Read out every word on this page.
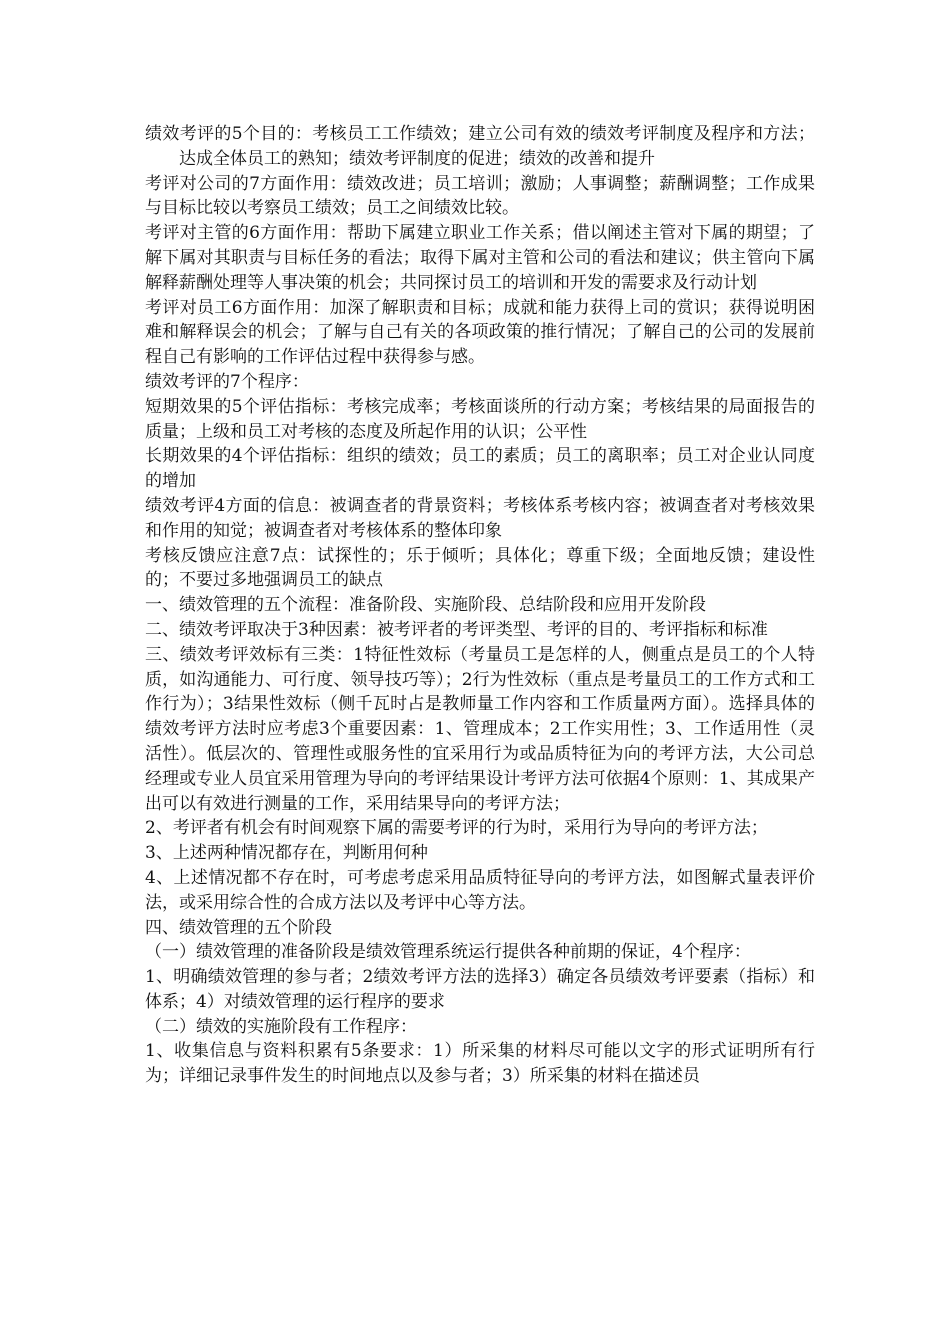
绩效考评的5个目的：考核员工工作绩效；建立公司有效的绩效考评制度及程序和方法；达成全体员工的熟知；绩效考评制度的促进；绩效的改善和提升

考评对公司的7方面作用：绩效改进；员工培训；激励；人事调整；薪酬调整；工作成果与目标比较以考察员工绩效；员工之间绩效比较。

考评对主管的6方面作用：帮助下属建立职业工作关系；借以阐述主管对下属的期望；了解下属对其职责与目标任务的看法；取得下属对主管和公司的看法和建议；供主管向下属解释薪酬处理等人事决策的机会；共同探讨员工的培训和开发的需要求及行动计划

考评对员工6方面作用：加深了解职责和目标；成就和能力获得上司的赏识；获得说明困难和解释误会的机会；了解与自己有关的各项政策的推行情况；了解自己的公司的发展前程自己有影响的工作评估过程中获得参与感。

绩效考评的7个程序：

短期效果的5个评估指标：考核完成率；考核面谈所的行动方案；考核结果的局面报告的质量；上级和员工对考核的态度及所起作用的认识；公平性

长期效果的4个评估指标：组织的绩效；员工的素质；员工的离职率；员工对企业认同度的增加

绩效考评4方面的信息：被调查者的背景资料；考核体系考核内容；被调查者对考核效果和作用的知觉；被调查者对考核体系的整体印象

考核反馈应注意7点：试探性的；乐于倾听；具体化；尊重下级；全面地反馈；建设性的；不要过多地强调员工的缺点

一、绩效管理的五个流程：准备阶段、实施阶段、总结阶段和应用开发阶段

二、绩效考评取决于3种因素：被考评者的考评类型、考评的目的、考评指标和标准

三、绩效考评效标有三类：1特征性效标（考量员工是怎样的人，侧重点是员工的个人特质，如沟通能力、可行度、领导技巧等）；2行为性效标（重点是考量员工的工作方式和工作行为）；3结果性效标（侧千瓦时占是教师量工作内容和工作质量两方面）。选择具体的绩效考评方法时应考虑3个重要因素：1、管理成本；2工作实用性；3、工作适用性（灵活性）。低层次的、管理性或服务性的宜采用行为或品质特征为向的考评方法，大公司总经理或专业人员宜采用管理为导向的考评结果设计考评方法可依据4个原则：1、其成果产出可以有效进行测量的工作，采用结果导向的考评方法；

2、考评者有机会有时间观察下属的需要考评的行为时，采用行为导向的考评方法；

3、上述两种情况都存在，判断用何种

4、上述情况都不存在时，可考虑考虑采用品质特征导向的考评方法，如图解式量表评价法，或采用综合性的合成方法以及考评中心等方法。

四、绩效管理的五个阶段

（一）绩效管理的准备阶段是绩效管理系统运行提供各种前期的保证，4个程序：

1、明确绩效管理的参与者；2绩效考评方法的选择3）确定各员绩效考评要素（指标）和体系；4）对绩效管理的运行程序的要求

（二）绩效的实施阶段有工作程序：

1、收集信息与资料积累有5条要求：1）所采集的材料尽可能以文字的形式证明所有行为；详细记录事件发生的时间地点以及参与者；3）所采集的材料在描述员
